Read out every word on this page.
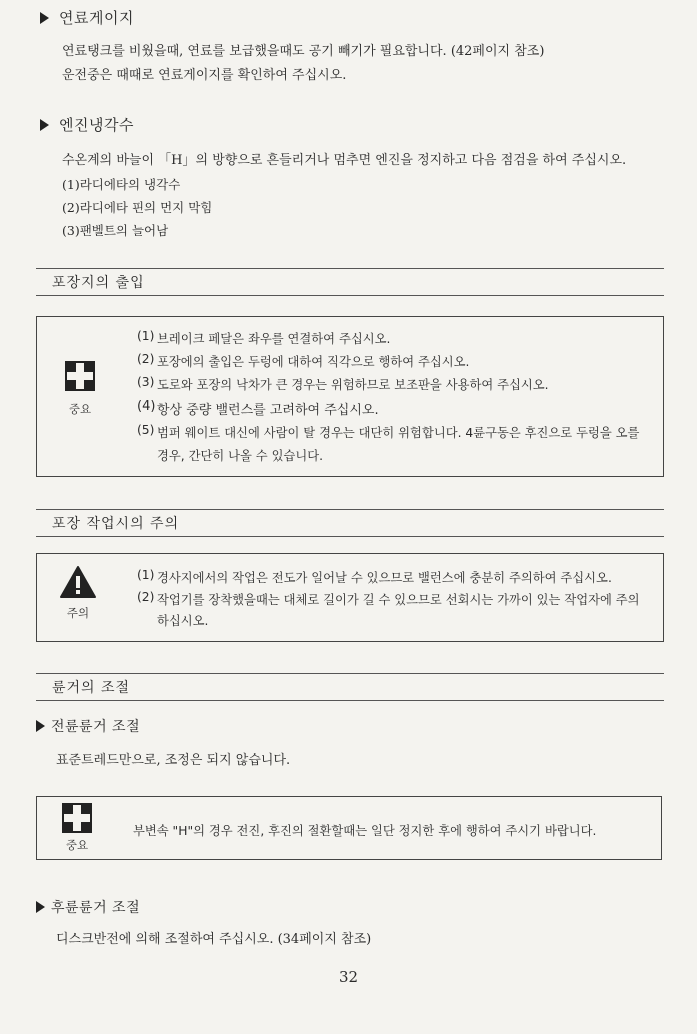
연료게이지
연료탱크를 비웠을때, 연료를 보급했을때도 공기 빼기가 필요합니다. (42페이지 참조)
운전중은 때때로 연료게이지를 확인하여 주십시오.
엔진냉각수
수온계의 바늘이 「H」의 방향으로 흔들리거나 멈추면 엔진을 정지하고 다음 점검을 하여 주십시오.
(1)라디에타의 냉각수
(2)라디에타 핀의 먼지 막힘
(3)팬벨트의 늘어남
포장지의 출입
중요
(1) 브레이크 페달은 좌우를 연결하여 주십시오.
(2) 포장에의 출입은 두렁에 대하여 직각으로 행하여 주십시오.
(3) 도로와 포장의 낙차가 큰 경우는 위험하므로 보조판을 사용하여 주십시오.
(4) 항상 중량 밸런스를 고려하여 주십시오.
(5) 범퍼 웨이트 대신에 사람이 탈 경우는 대단히 위험합니다. 4륜구동은 후진으로 두렁을 오를
경우, 간단히 나올 수 있습니다.
포장 작업시의 주의
주의
(1) 경사지에서의 작업은 전도가 일어날 수 있으므로 밸런스에 충분히 주의하여 주십시오.
(2) 작업기를 장착했을때는 대체로 길이가 길 수 있으므로 선회시는 가까이 있는 작업자에 주의
하십시오.
륜거의 조절
전륜륜거 조절
표준트레드만으로, 조정은 되지 않습니다.
중요
부변속 "H"의 경우 전진, 후진의 절환할때는 일단 정지한 후에 행하여 주시기 바랍니다.
후륜륜거 조절
디스크반전에 의해 조절하여 주십시오. (34페이지 참조)
32
